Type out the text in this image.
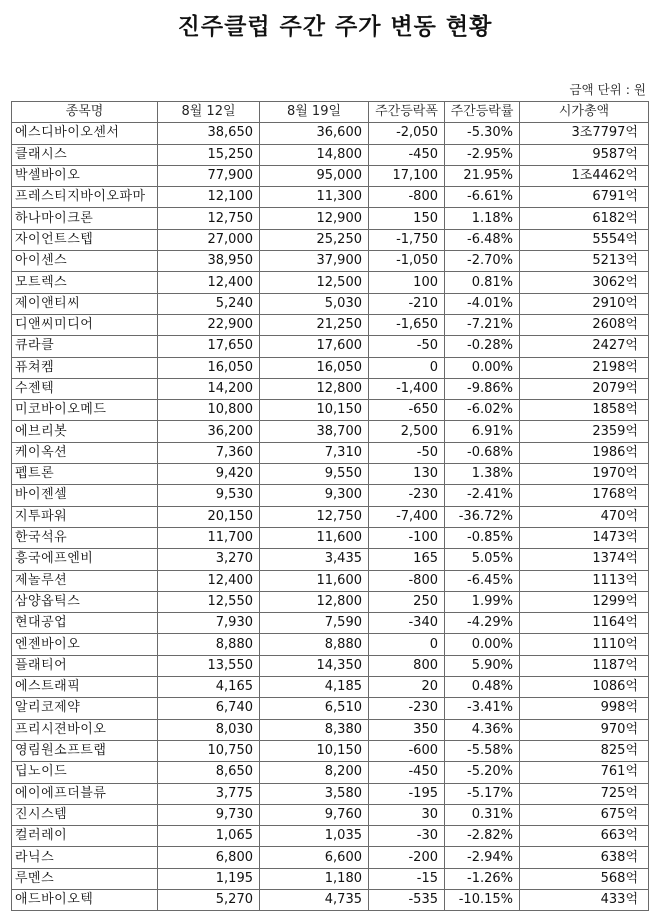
진주클럽 주간 주가 변동 현황
금액 단위 : 원
종목명	8월 12일	8월 19일	주간등락폭	주간등락률	시가총액
에스디바이오센서	38,650	36,600	-2,050	-5.30%	3조7797억
클래시스	15,250	14,800	-450	-2.95%	9587억
박셀바이오	77,900	95,000	17,100	21.95%	1조4462억
프레스티지바이오파마	12,100	11,300	-800	-6.61%	6791억
하나마이크론	12,750	12,900	150	1.18%	6182억
자이언트스텝	27,000	25,250	-1,750	-6.48%	5554억
아이센스	38,950	37,900	-1,050	-2.70%	5213억
모트렉스	12,400	12,500	100	0.81%	3062억
제이앤티씨	5,240	5,030	-210	-4.01%	2910억
디앤씨미디어	22,900	21,250	-1,650	-7.21%	2608억
큐라클	17,650	17,600	-50	-0.28%	2427억
퓨쳐켐	16,050	16,050	0	0.00%	2198억
수젠텍	14,200	12,800	-1,400	-9.86%	2079억
미코바이오메드	10,800	10,150	-650	-6.02%	1858억
에브리봇	36,200	38,700	2,500	6.91%	2359억
케이옥션	7,360	7,310	-50	-0.68%	1986억
펩트론	9,420	9,550	130	1.38%	1970억
바이젠셀	9,530	9,300	-230	-2.41%	1768억
지투파워	20,150	12,750	-7,400	-36.72%	470억
한국석유	11,700	11,600	-100	-0.85%	1473억
흥국에프엔비	3,270	3,435	165	5.05%	1374억
제놀루션	12,400	11,600	-800	-6.45%	1113억
삼양옵틱스	12,550	12,800	250	1.99%	1299억
현대공업	7,930	7,590	-340	-4.29%	1164억
엔젠바이오	8,880	8,880	0	0.00%	1110억
플래티어	13,550	14,350	800	5.90%	1187억
에스트래픽	4,165	4,185	20	0.48%	1086억
알리코제약	6,740	6,510	-230	-3.41%	998억
프리시젼바이오	8,030	8,380	350	4.36%	970억
영림원소프트랩	10,750	10,150	-600	-5.58%	825억
딥노이드	8,650	8,200	-450	-5.20%	761억
에이에프더블류	3,775	3,580	-195	-5.17%	725억
진시스템	9,730	9,760	30	0.31%	675억
컬러레이	1,065	1,035	-30	-2.82%	663억
라닉스	6,800	6,600	-200	-2.94%	638억
루멘스	1,195	1,180	-15	-1.26%	568억
애드바이오텍	5,270	4,735	-535	-10.15%	433억
